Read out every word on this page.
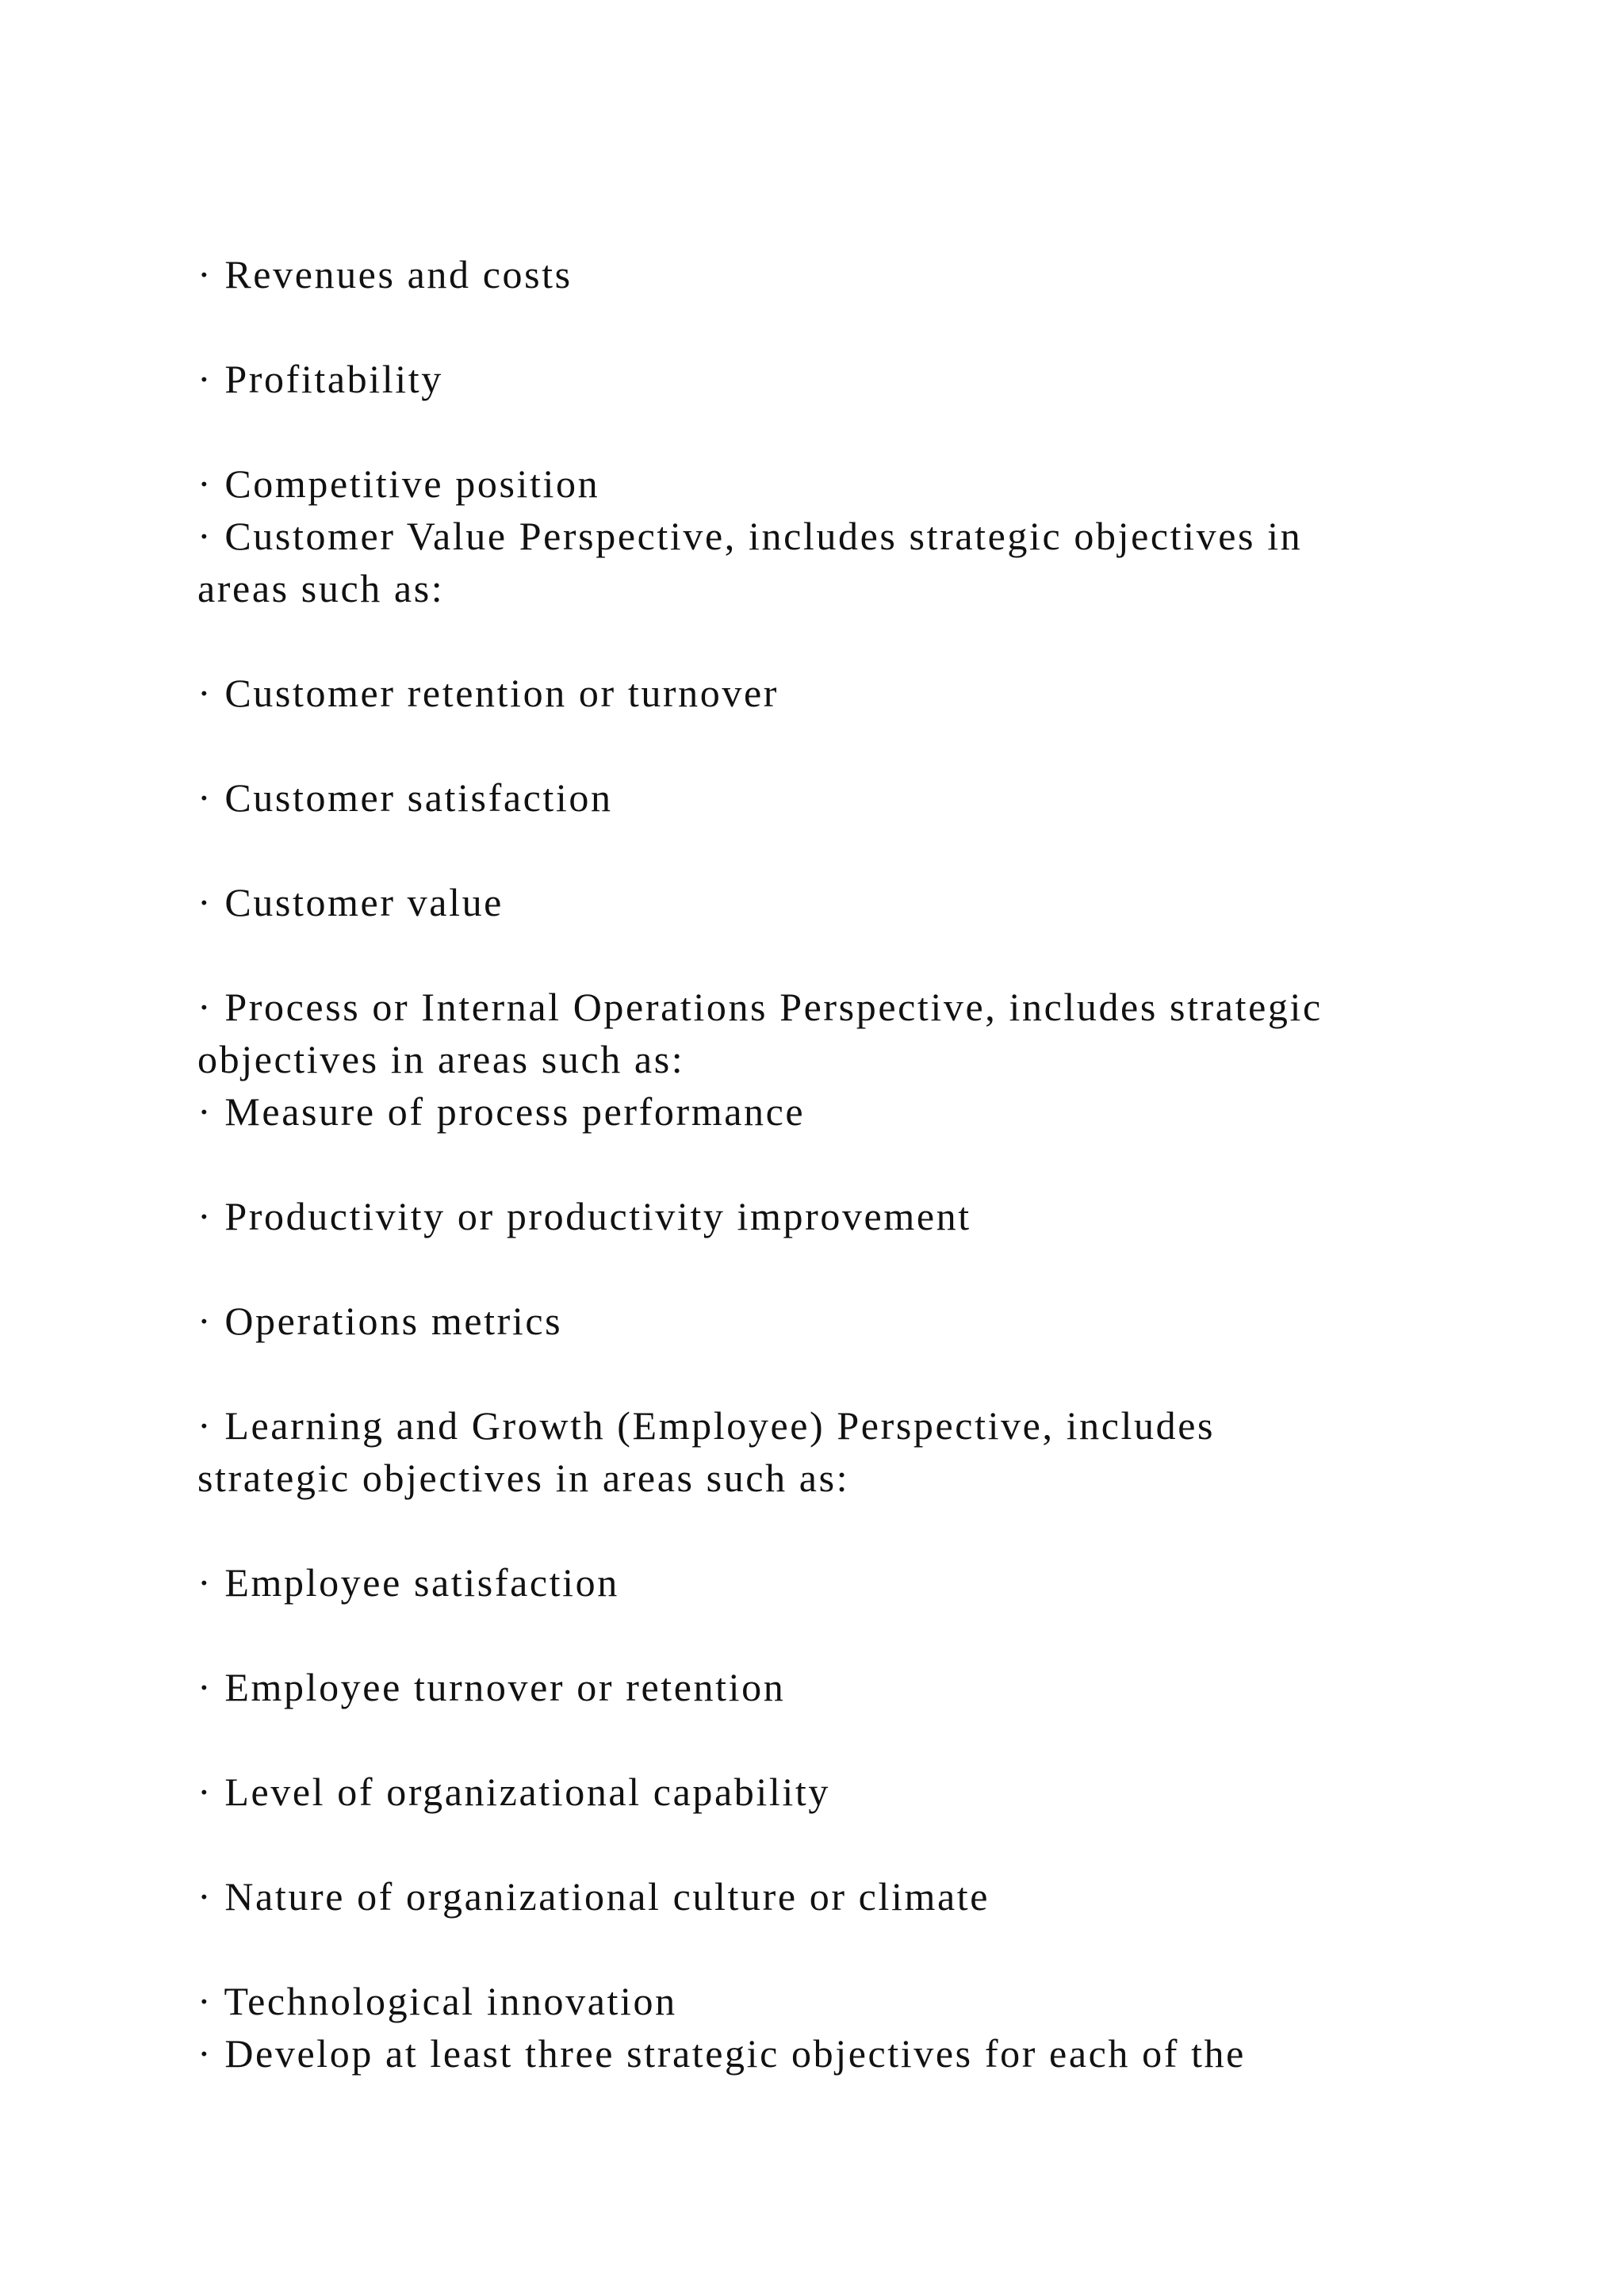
· Revenues and costs
· Profitability
· Competitive position
· Customer Value Perspective, includes strategic objectives in
areas such as:
· Customer retention or turnover
· Customer satisfaction
· Customer value
· Process or Internal Operations Perspective, includes strategic
objectives in areas such as:
· Measure of process performance
· Productivity or productivity improvement
· Operations metrics
· Learning and Growth (Employee) Perspective, includes
strategic objectives in areas such as:
· Employee satisfaction
· Employee turnover or retention
· Level of organizational capability
· Nature of organizational culture or climate
· Technological innovation
· Develop at least three strategic objectives for each of the
